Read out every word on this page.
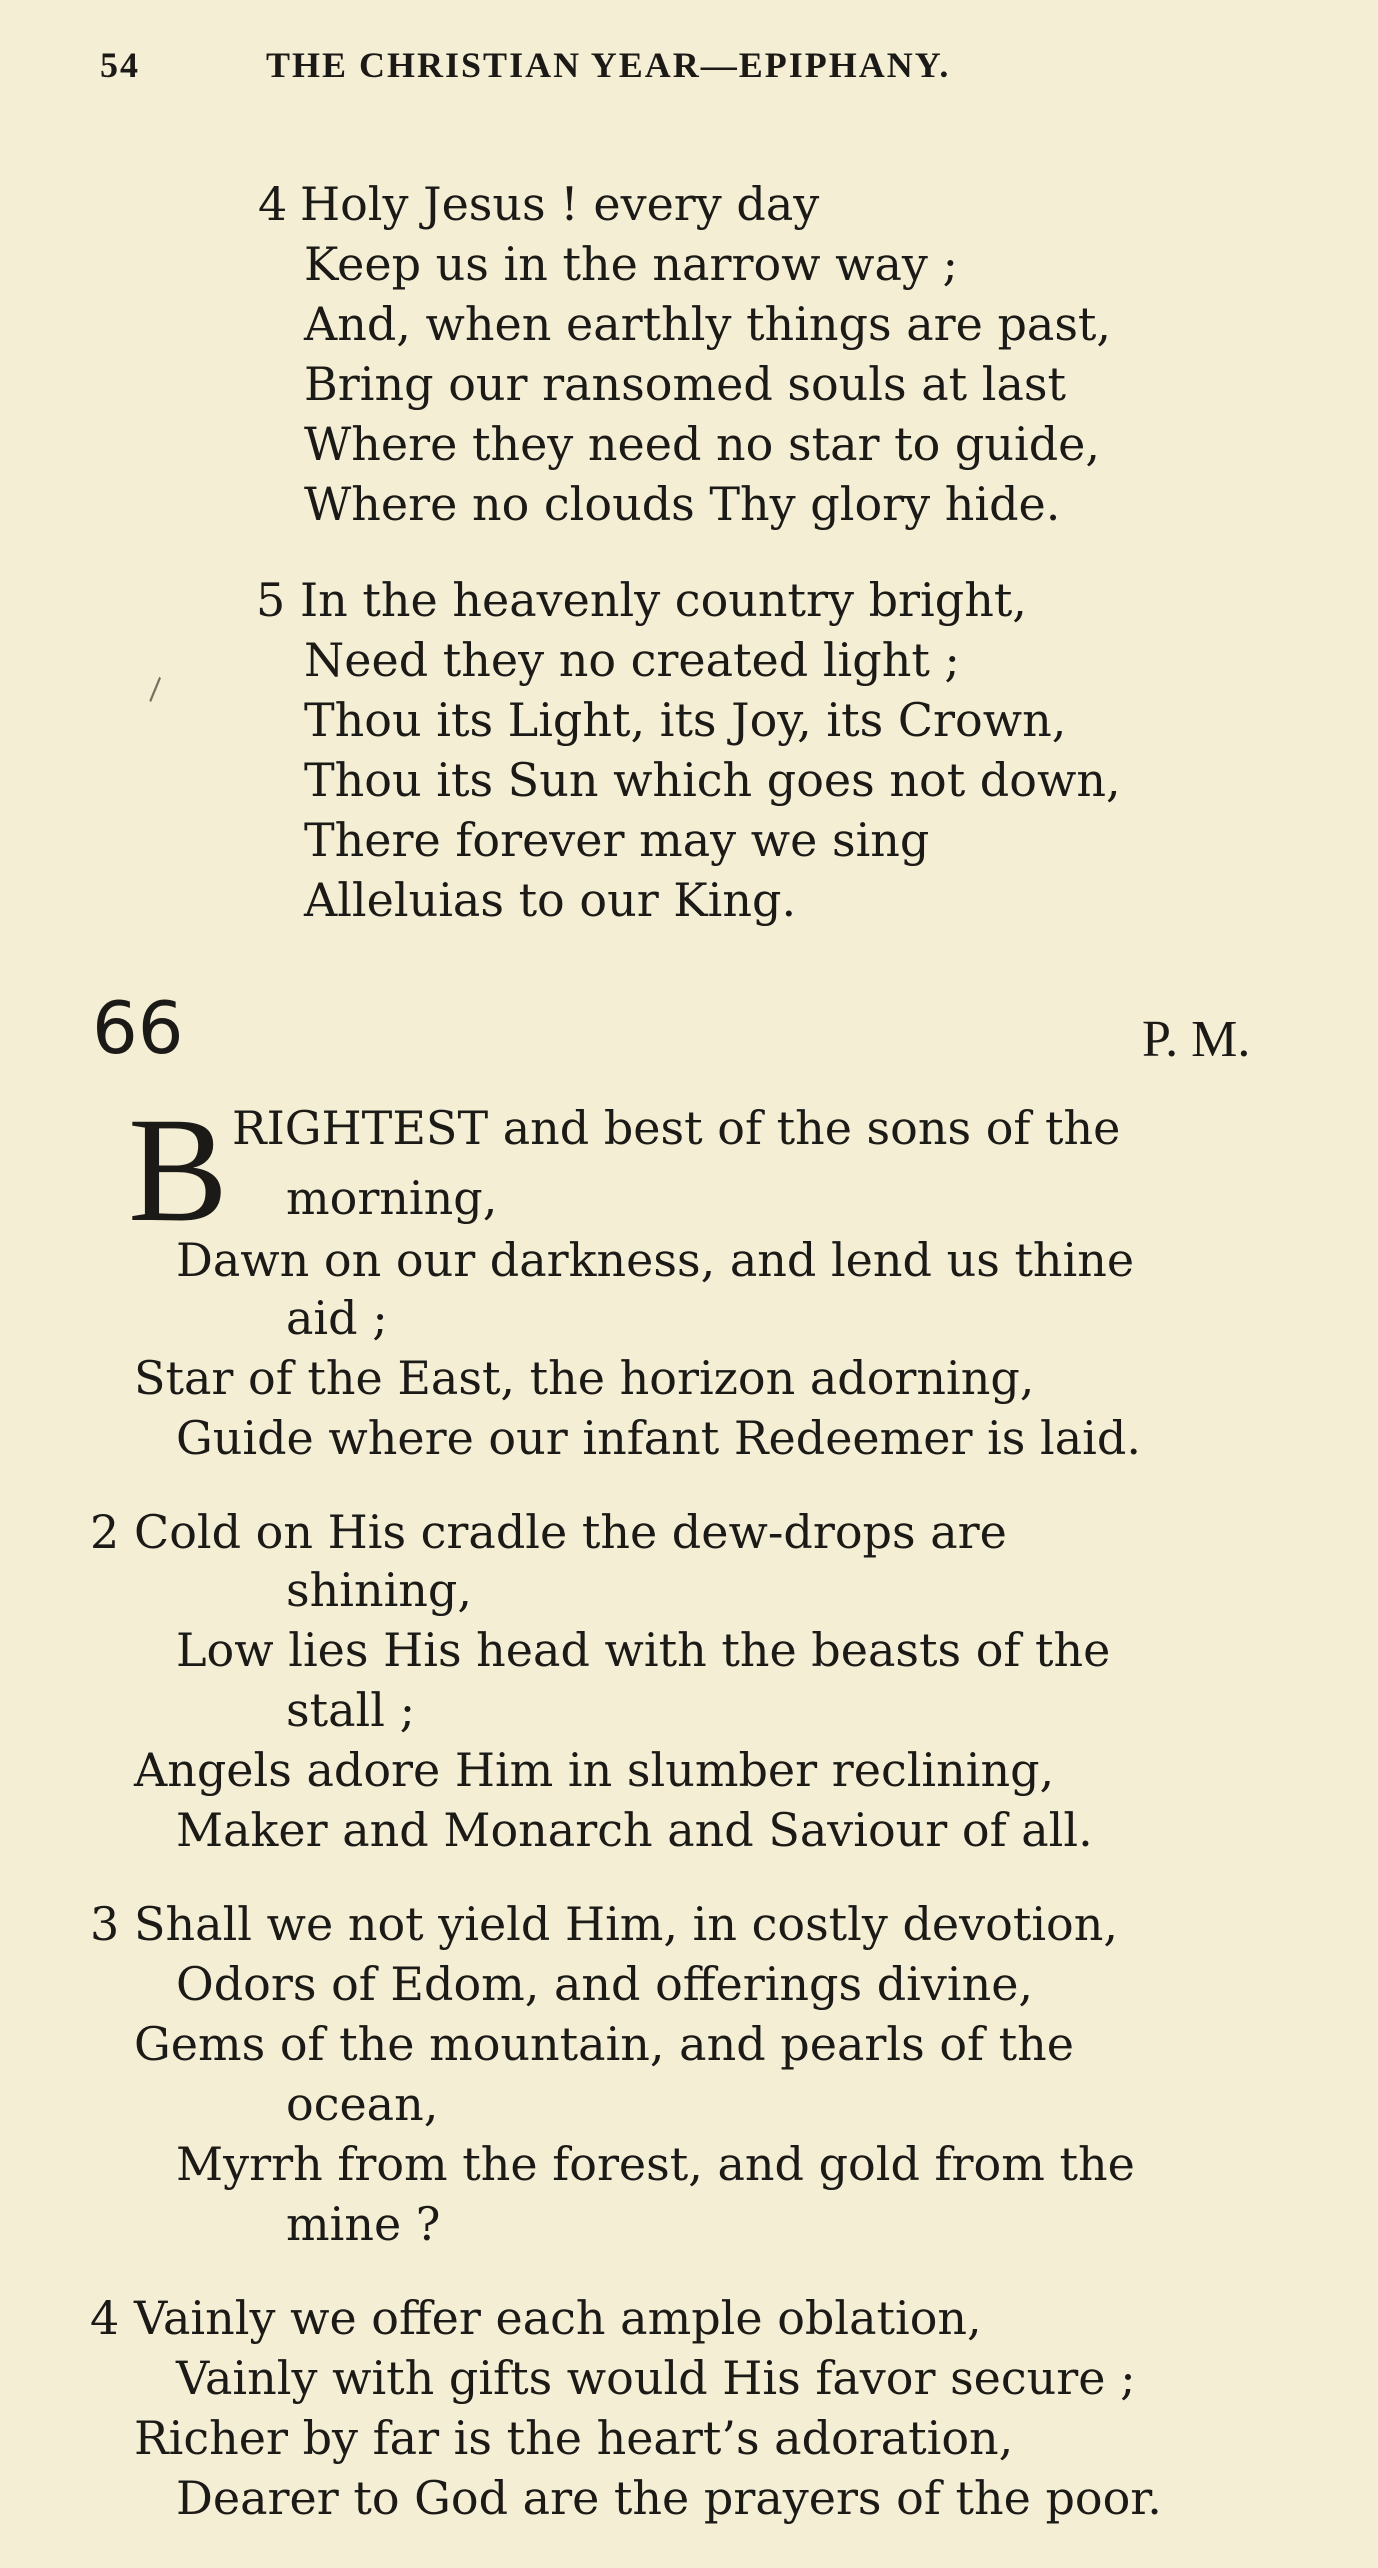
54	THE CHRISTIAN YEAR—EPIPHANY.
4 Holy Jesus ! every day
Keep us in the narrow way ;
And, when earthly things are past,
Bring our ransomed souls at last
Where they need no star to guide,
Where no clouds Thy glory hide.
5 In the heavenly country bright,
Need they no created light ;
Thou its Light, its Joy, its Crown,
Thou its Sun which goes not down,
There forever may we sing
Alleluias to our King.
\
66	P. M.
B RIGHTEST and best of the sons of the
morning,
Dawn on our darkness, and lend us thine
aid ;
Star of the East, the horizon adorning,
Guide where our infant Redeemer is laid.
2 Cold on His cradle the dew-drops are
shining,
Low lies His head with the beasts of the
stall ;
Angels adore Him in slumber reclining,
Maker and Monarch and Saviour of all.
3 Shall we not yield Him, in costly devotion,
Odors of Edom, and offerings divine,
Gems of the mountain, and pearls of the
ocean,
Myrrh from the forest, and gold from the
mine ?
4 Vainly we offer each ample oblation,
Vainly with gifts would His favor secure ;
Richer by far is the heart’s adoration,
Dearer to God are the prayers of the poor.
